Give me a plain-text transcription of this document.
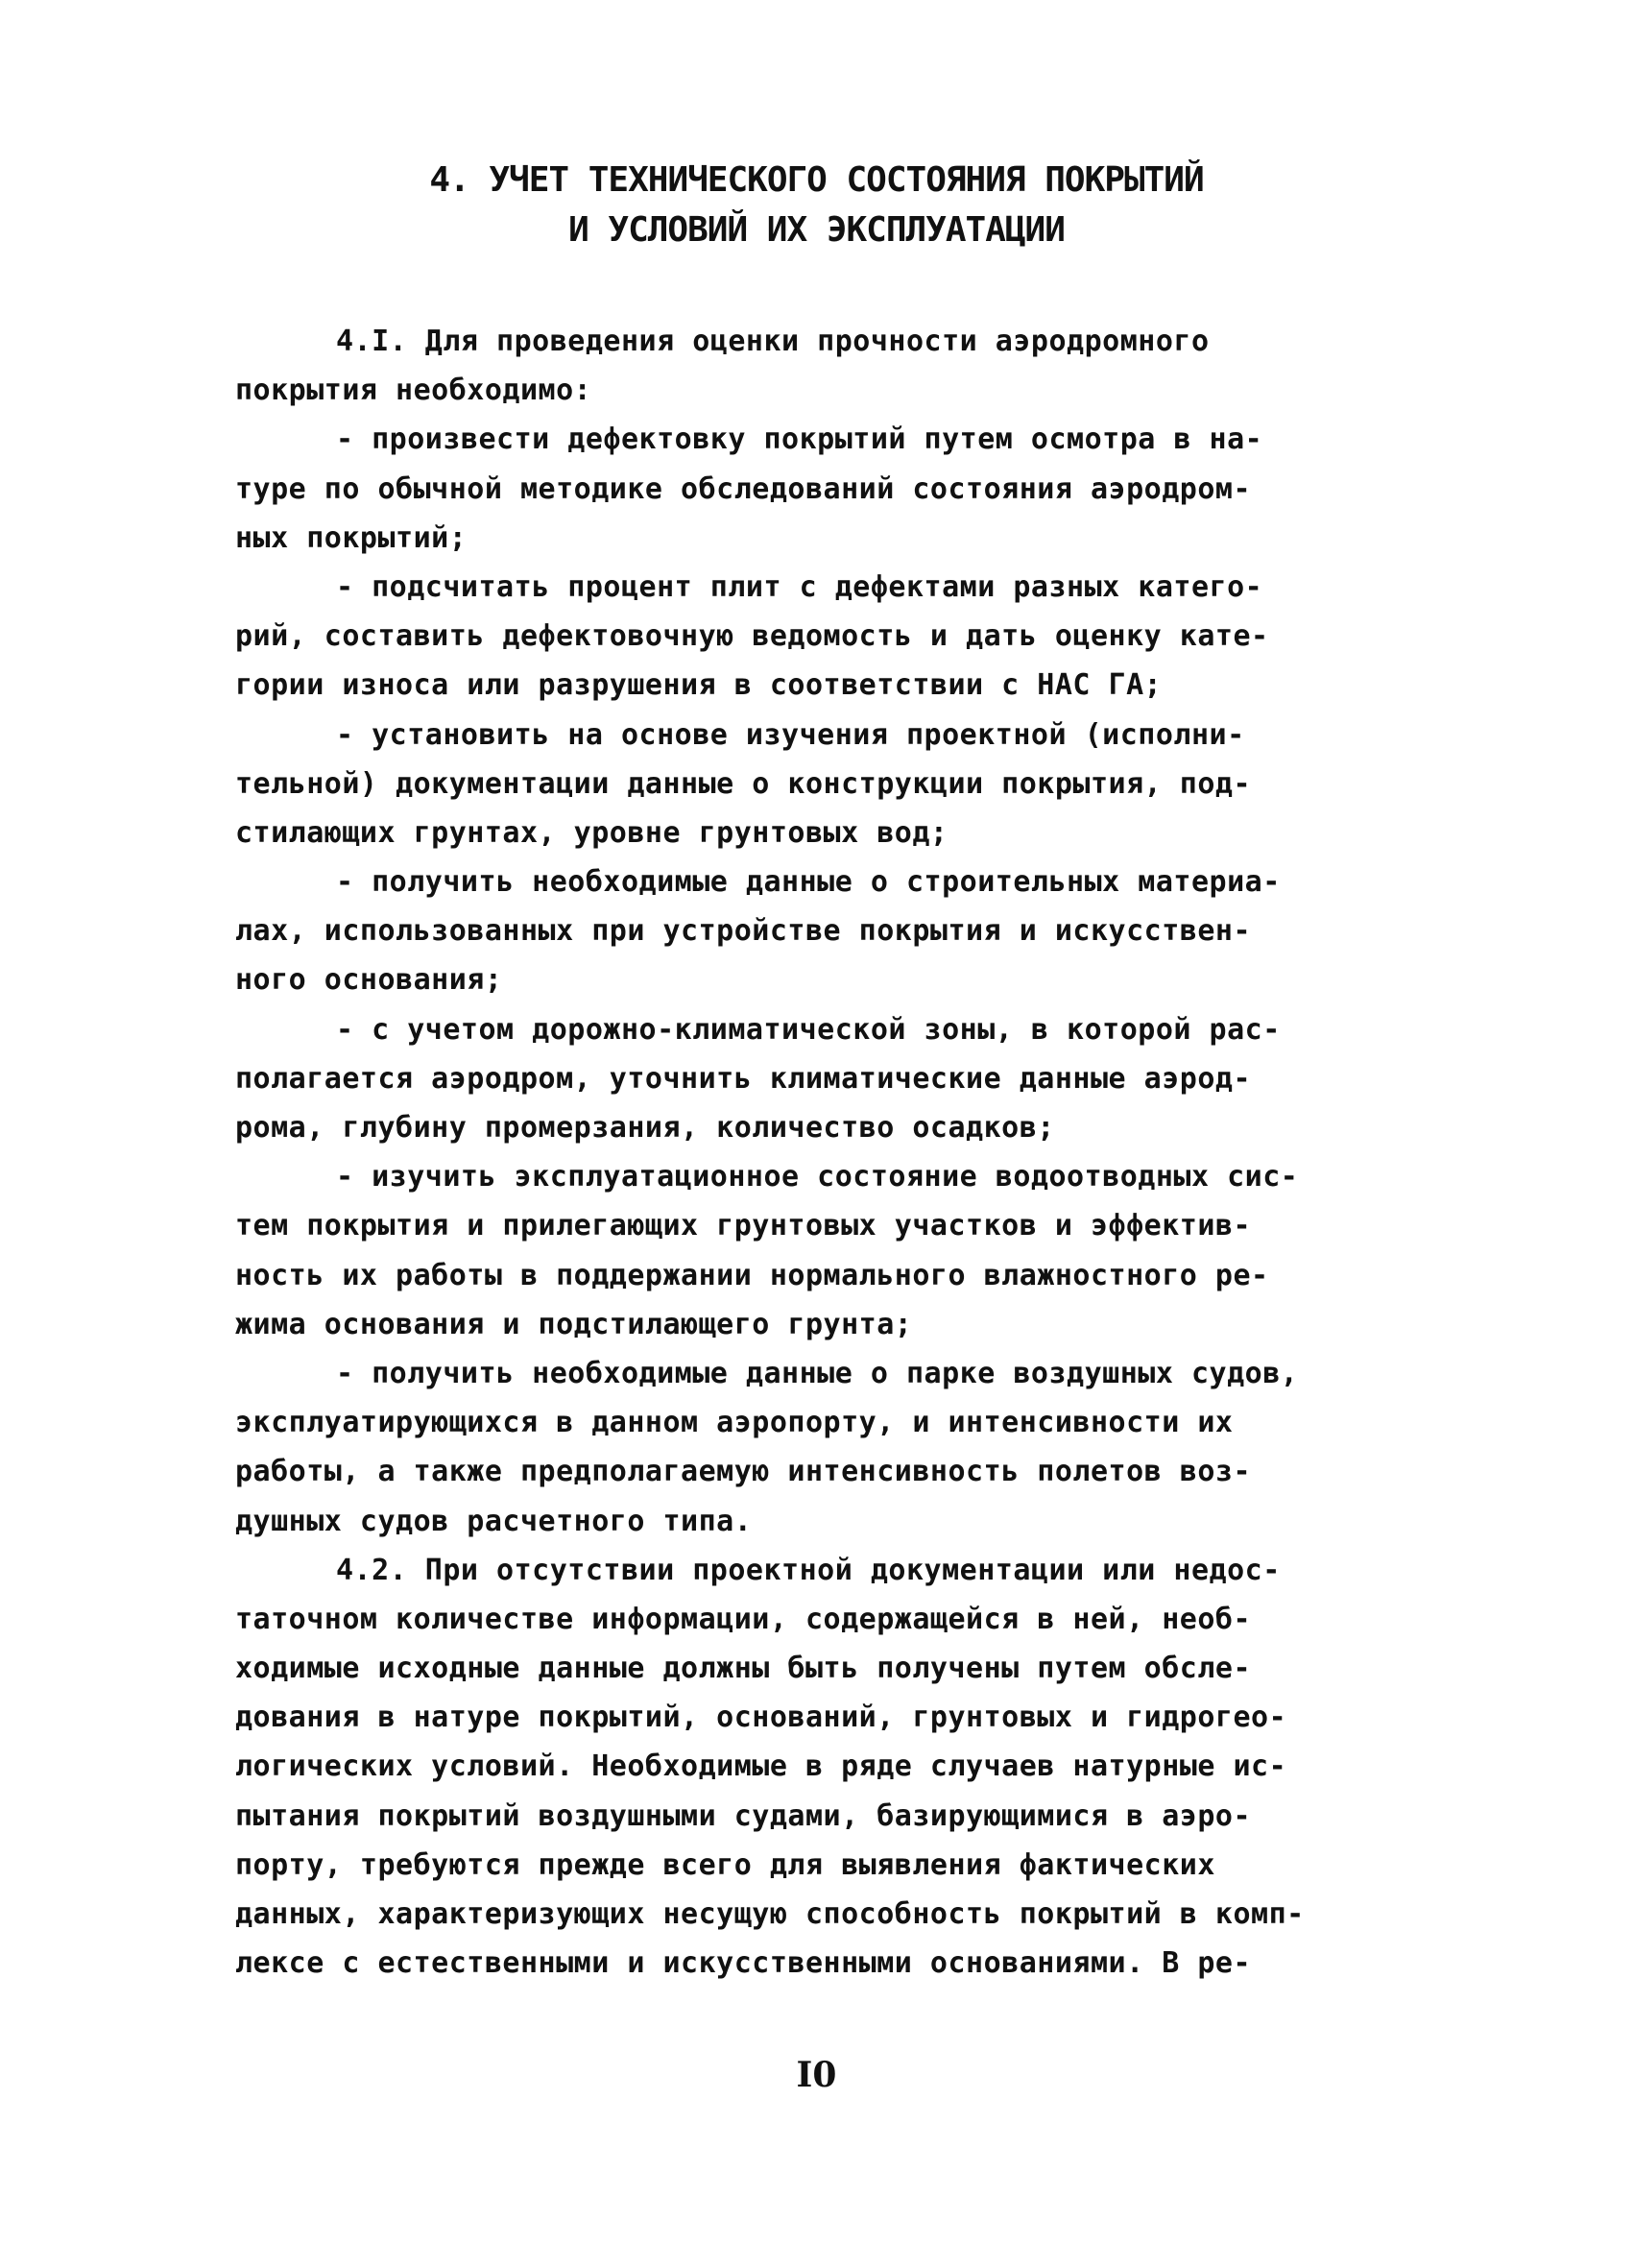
4. УЧЕТ ТЕХНИЧЕСКОГО СОСТОЯНИЯ ПОКРЫТИЙ
И УСЛОВИЙ ИХ ЭКСПЛУАТАЦИИ
4.I. Для проведения оценки прочности аэродромного
покрытия необходимо:
- произвести дефектовку покрытий путем осмотра в на-
туре по обычной методике обследований состояния аэродром-
ных покрытий;
- подсчитать процент плит с дефектами разных катего-
рий, составить дефектовочную ведомость и дать оценку кате-
гории износа или разрушения в соответствии с НАС ГА;
- установить на основе изучения проектной (исполни-
тельной) документации данные о конструкции покрытия, под-
стилающих грунтах, уровне грунтовых вод;
- получить необходимые данные о строительных материа-
лах, использованных при устройстве покрытия и искусствен-
ного основания;
- с учетом дорожно-климатической зоны, в которой рас-
полагается аэродром, уточнить климатические данные аэрод-
рома, глубину промерзания, количество осадков;
- изучить эксплуатационное состояние водоотводных сис-
тем покрытия и прилегающих грунтовых участков и эффектив-
ность их работы в поддержании нормального влажностного ре-
жима основания и подстилающего грунта;
- получить необходимые данные о парке воздушных судов,
эксплуатирующихся в данном аэропорту, и интенсивности их
работы, а также предполагаемую интенсивность полетов воз-
душных судов расчетного типа.
4.2. При отсутствии проектной документации или недос-
таточном количестве информации, содержащейся в ней, необ-
ходимые исходные данные должны быть получены путем обсле-
дования в натуре покрытий, оснований, грунтовых и гидрогео-
логических условий. Необходимые в ряде случаев натурные ис-
пытания покрытий воздушными судами, базирующимися в аэро-
порту, требуются прежде всего для выявления фактических
данных, характеризующих несущую способность покрытий в комп-
лексе с естественными и искусственными основаниями. В ре-
I0
